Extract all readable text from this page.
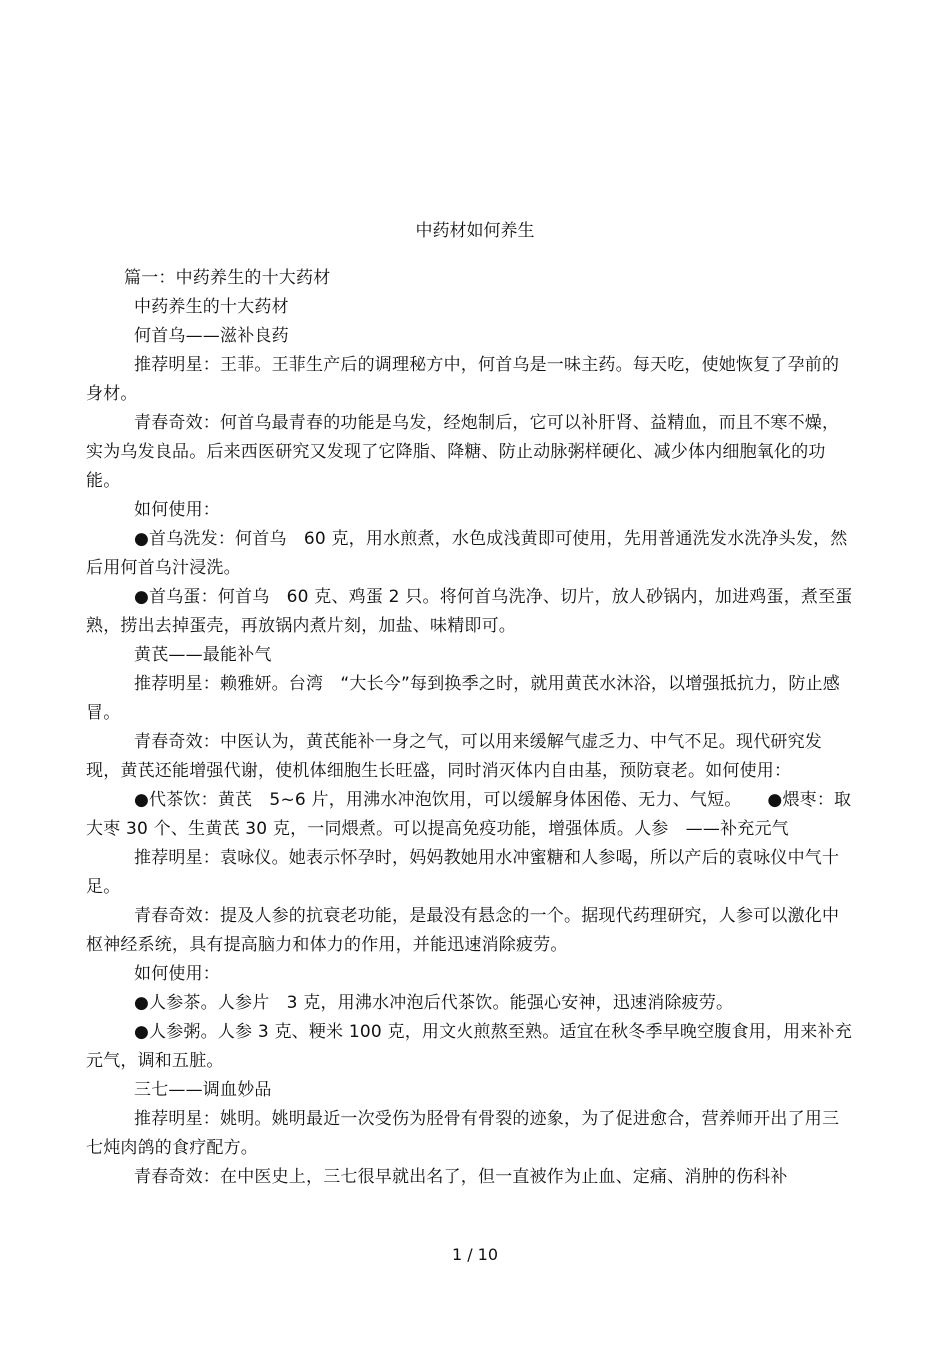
中药材如何养生

篇一：中药养生的十大药材

中药养生的十大药材

何首乌——滋补良药

推荐明星：王菲。王菲生产后的调理秘方中，何首乌是一味主药。每天吃，使她恢复了孕前的身材。

青春奇效：何首乌最青春的功能是乌发，经炮制后，它可以补肝肾、益精血，而且不寒不燥，实为乌发良品。后来西医研究又发现了它降脂、降糖、防止动脉粥样硬化、减少体内细胞氧化的功能。

如何使用：

●首乌洗发：何首乌　60 克，用水煎煮，水色成浅黄即可使用，先用普通洗发水洗净头发，然后用何首乌汁浸洗。

●首乌蛋：何首乌　60 克、鸡蛋 2 只。将何首乌洗净、切片，放人砂锅内，加进鸡蛋，煮至蛋熟，捞出去掉蛋壳，再放锅内煮片刻，加盐、味精即可。

黄芪——最能补气

推荐明星：赖雅妍。台湾　“大长今”每到换季之时，就用黄芪水沐浴，以增强抵抗力，防止感冒。

青春奇效：中医认为，黄芪能补一身之气，可以用来缓解气虚乏力、中气不足。现代研究发现，黄芪还能增强代谢，使机体细胞生长旺盛，同时消灭体内自由基，预防衰老。如何使用：

●代茶饮：黄芪　5~6 片，用沸水冲泡饮用，可以缓解身体困倦、无力、气短。　　●煨枣：取大枣 30 个、生黄芪 30 克，一同煨煮。可以提高免疫功能，增强体质。人参　——补充元气

推荐明星：袁咏仪。她表示怀孕时，妈妈教她用水冲蜜糖和人参喝，所以产后的袁咏仪中气十足。

青春奇效：提及人参的抗衰老功能，是最没有悬念的一个。据现代药理研究，人参可以激化中枢神经系统，具有提高脑力和体力的作用，并能迅速消除疲劳。

如何使用：

●人参茶。人参片　3 克，用沸水冲泡后代茶饮。能强心安神，迅速消除疲劳。

●人参粥。人参 3 克、粳米 100 克，用文火煎熬至熟。适宜在秋冬季早晚空腹食用，用来补充元气，调和五脏。

三七——调血妙品

推荐明星：姚明。姚明最近一次受伤为胫骨有骨裂的迹象，为了促进愈合，营养师开出了用三七炖肉鸽的食疗配方。

青春奇效：在中医史上，三七很早就出名了，但一直被作为止血、定痛、消肿的伤科补

1 / 10
